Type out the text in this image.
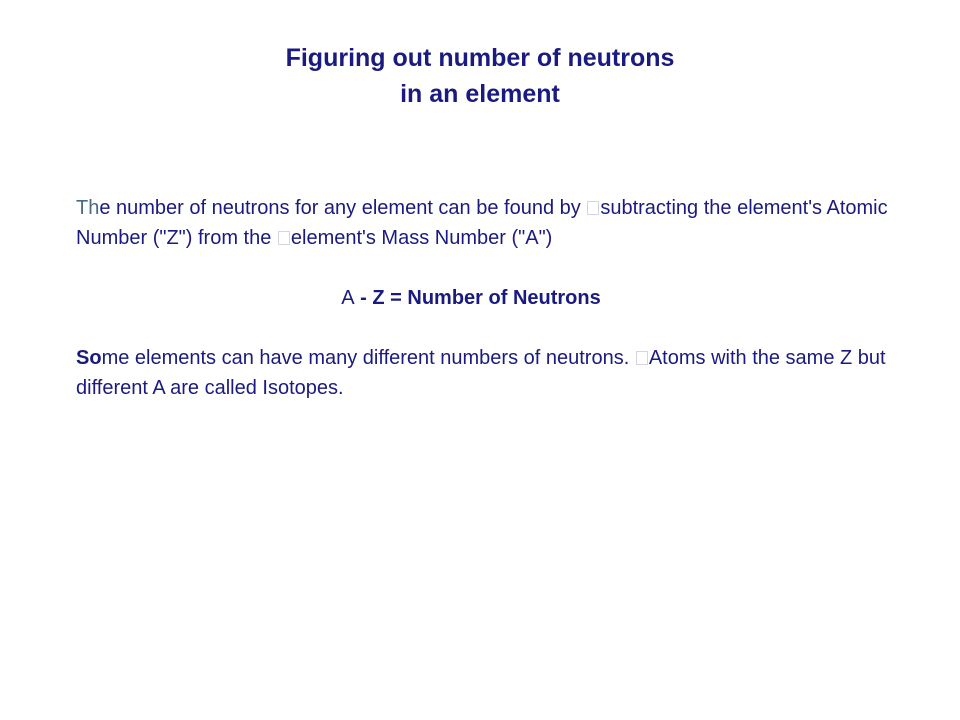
Figuring out number of neutrons
in an element

The number of neutrons for any element can be found by subtracting the element's Atomic Number ("Z") from the element's Mass Number ("A")

A - Z = Number of Neutrons

Some elements can have many different numbers of neutrons. Atoms with the same Z but different A are called Isotopes.
